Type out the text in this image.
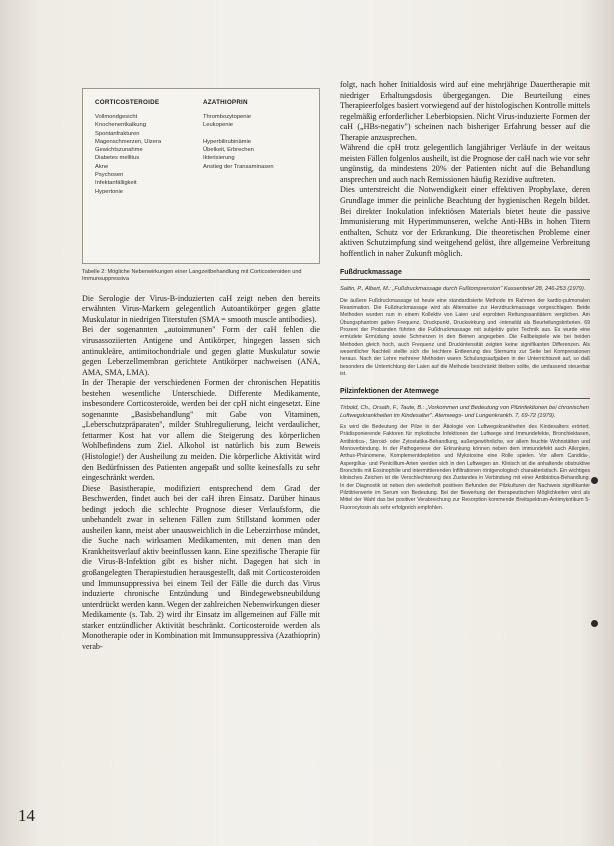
CORTICOSTEROIDE
Vollmondgesicht
Knochenentkalkung
Spontanfrakturen
Magenschmerzen, Ulzera
Gewichtszunahme
Diabetes mellitus
Akne
Psychosen
Infektanfälligkeit
Hypertonie
AZATHIOPRIN
Thrombozytopenie
Leukopenie

Hyperbilirubinämie
Übelkeit, Erbrechen
Ikterisierung
Anstieg der Transaminasen
Tabelle 2: Mögliche Nebenwirkungen einer Langzeitbehandlung mit Corticosteroiden und Immunsuppressiva

Die Serologie der Virus-B-induzierten caH zeigt neben den bereits erwähnten Virus-Markern gelegentlich Autoantikörper gegen glatte Muskulatur in niedrigen Titerstufen (SMA = smooth muscle antibodies).

Bei der sogenannten „autoimmunen" Form der caH fehlen die virusassoziierten Antigene und Antikörper, hingegen lassen sich antinukleäre, antimitochondriale und gegen glatte Muskulatur sowie gegen Leberzellmembran gerichtete Antikörper nachweisen (ANA, AMA, SMA, LMA).

In der Therapie der verschiedenen Formen der chronischen Hepatitis bestehen wesentliche Unterschiede. Differente Medikamente, insbesondere Corticosteroide, werden bei der cpH nicht eingesetzt. Eine sogenannte „Basisbehandlung" mit Gabe von Vitaminen, „Leberschutzpräparaten", milder Stuhlregulierung, leicht verdaulicher, fettarmer Kost hat vor allem die Steigerung des körperlichen Wohlbefindens zum Ziel. Alkohol ist natürlich bis zum Beweis (Histologie!) der Ausheilung zu meiden. Die körperliche Aktivität wird den Bedürfnissen des Patienten angepaßt und sollte keinesfalls zu sehr eingeschränkt werden.

Diese Basistherapie, modifiziert entsprechend dem Grad der Beschwerden, findet auch bei der caH ihren Einsatz. Darüber hinaus bedingt jedoch die schlechte Prognose dieser Verlaufsform, die unbehandelt zwar in seltenen Fällen zum Stillstand kommen oder ausheilen kann, meist aber unausweichlich in die Leberzirrhose mündet, die Suche nach wirksamen Medikamenten, mit denen man den Krankheitsverlauf aktiv beeinflussen kann. Eine spezifische Therapie für die Virus-B-Infektion gibt es bisher nicht. Dagegen hat sich in großangelegten Therapiestudien herausgestellt, daß mit Corticosteroiden und Immunsuppressiva bei einem Teil der Fälle die durch das Virus induzierte chronische Entzündung und Bindegewebsneubildung unterdrückt werden kann. Wegen der zahlreichen Nebenwirkungen dieser Medikamente (s. Tab. 2) wird ihr Einsatz im allgemeinen auf Fälle mit starker entzündlicher Aktivität beschränkt. Corticosteroide werden als Monotherapie oder in Kombination mit Immunsuppressiva (Azathioprin) verab-

folgt, nach hoher Initialdosis wird auf eine mehrjährige Dauertherapie mit niedriger Erhaltungsdosis übergegangen. Die Beurteilung eines Therapieerfolges basiert vorwiegend auf der histologischen Kontrolle mittels regelmäßig erforderlicher Leberbiopsien. Nicht Virus-induzierte Formen der caH („HBs-negativ") scheinen nach bisheriger Erfahrung besser auf die Therapie anzusprechen.

Während die cpH trotz gelegentlich langjähriger Verläufe in der weitaus meisten Fällen folgenlos ausheilt, ist die Prognose der caH nach wie vor sehr ungünstig, da mindestens 20% der Patienten nicht auf die Behandlung ansprechen und auch nach Remissionen häufig Rezidive auftreten.

Dies unterstreicht die Notwendigkeit einer effektiven Prophylaxe, deren Grundlage immer die peinliche Beachtung der hygienischen Regeln bildet. Bei direkter Inokulation infektiösen Materials bietet heute die passive Immunisierung mit Hyperimmunseren, welche Anti-HBs in hohen Titern enthalten, Schutz vor der Erkrankung. Die theoretischen Probleme einer aktiven Schutzimpfung sind weitgehend gelöst, ihre allgemeine Verbreitung hoffentlich in naher Zukunft möglich.

Fußdruckmassage
Saltin, P., Albert, M.: „Fußdruckmassage durch Fußtomprension" Kassenbrief 28, 246-253 (1979).

Die äußere Fußdruckmassage ist heute eine standardisierte Methode im Rahmen der kardio-pulmonalen Reanimation. Die Fußdruckmassage wird als Alternative zur Herzdruckmassage vorgeschlagen. Beide Methoden wurden nun in einem Kollektiv von Laien und erprobten Rettungssanitätern verglichen. Am Übungsphantom galten Frequenz, Druckpunkt, Druckwirkung und -intensität als Beurteilungskriterien. 69 Prozent der Probanden führten die Fußdruckmassage mit subjektiv guter Technik aus. Es wurde eine ermüdete Ermüdung sowie Schmerzen in den Beinen angegeben. Die Fallbeispiele wie bei beiden Methoden gleich hoch, auch Frequenz und Druckintensität zeigten keine signifikanten Differenzen. Als wesentlicher Nachteil stellte sich die leichtere Entleerung des Sternums zur Seite bei Kompressionen heraus. Nach der Lehre mehrerer Methoden waren Schulungsaufgaben in der Unterrichtszeit auf, so daß besonders die Unterrichtung der Laien auf die Methode beschränkt bleiben sollte, die umfassend steuerbar ist.

Pilzinfektionen der Atemwege
Tirbold, Ch., Orsath, F., Taute, B.: „Vorkommen und Bedeutung von Pilzinfektionen bei chronischen Luftwegskrankheiten im Kindesalter". Atemwegs- und Lungenkrankh. 7, 69-72 (1979).

Es wird die Bedeutung der Pilze in der Ätiologie von Luftwegskrankheiten des Kindesalters erörtert. Prädisponierende Faktoren für mykotische Infektionen der Luftwege sind Immundefekte, Bronchiektasen, Antibiotica-, Steroid- oder Zytostatika-Behandlung, außergewöhnliche, vor allem feuchte Wohnstätten und Monoverbindung. In der Pathogenese der Erkrankung können neben dem immundefekt auch Allergien, Arthus-Phänomene, Komplementdepletion und Mykotoxine eine Rolle spielen. Vor allem Candida-, Aspergillus- und Penicillium-Arten werden sich in den Luftwegen an. Klinisch ist die anhaltende obstruktive Bronchitis mit Eosinophilie und intermittierenden Infiltrationen röntgenologisch charakteristisch. Ein wichtiges klinisches Zeichen ist die Verschlechterung des Zustandes in Verbindung mit einer Antibiotica-Behandlung. In der Diagnostik ist neben den wiederholt positiven Befunden der Pilzkulturen der Nachweis signifikanter Pilztitrierwerte im Serum von Bedeutung. Bei der Bewertung der therapeutischen Möglichkeiten wird als Mittel der Wahl das bei positiver Verabreichung zur Resorption kommende Breitspektrum-Antimykotikum 5-Fluorocytosin als sehr erfolgreich empfohlen.

14
